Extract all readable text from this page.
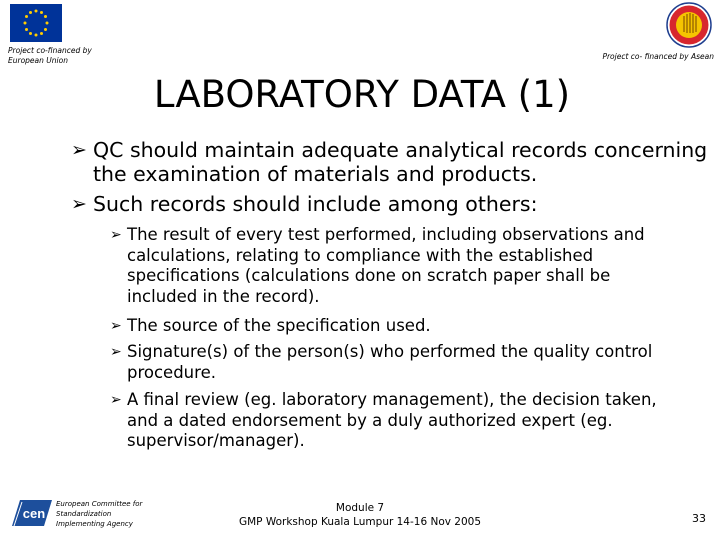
Project co-financed by European Union	Project co- financed by Asean
LABORATORY DATA (1)
➢ QC should maintain adequate analytical records concerning the examination of materials and products.
➢ Such records should include among others:
➢ The result of every test performed, including observations and calculations, relating to compliance with the established specifications (calculations done on scratch paper shall be included in the record).
➢ The source of the specification used.
➢ Signature(s) of the person(s) who performed the quality control procedure.
➢ A final review (eg. laboratory management), the decision taken, and a dated endorsement by a duly authorized expert (eg. supervisor/manager).
cen
European Committee for Standardization Implementing Agency
Module 7
GMP Workshop Kuala Lumpur 14-16 Nov 2005	33
